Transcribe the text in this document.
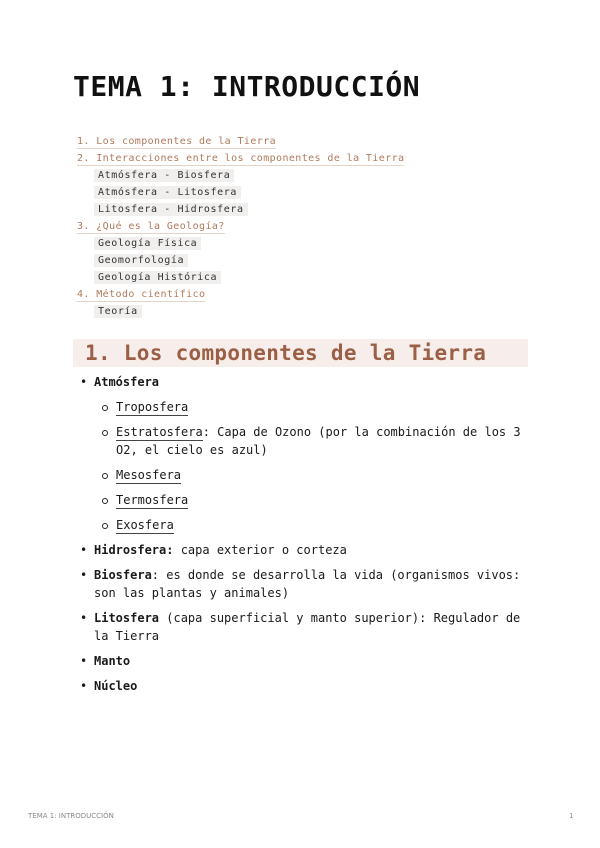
TEMA 1: INTRODUCCIÓN
1. Los componentes de la Tierra
2. Interacciones entre los componentes de la Tierra
Atmósfera - Biosfera
Atmósfera - Litosfera
Litosfera - Hidrosfera
3. ¿Qué es la Geología?
Geología Física
Geomorfología
Geología Histórica
4. Método científico
Teoría
1. Los componentes de la Tierra
• Atmósfera
Troposfera
Estratosfera: Capa de Ozono (por la combinación de los 3 O2, el cielo es azul)
Mesosfera
Termosfera
Exosfera
• Hidrosfera: capa exterior o corteza
• Biosfera: es donde se desarrolla la vida (organismos vivos: son las plantas y animales)
• Litosfera (capa superficial y manto superior): Regulador de la Tierra
• Manto
• Núcleo
TEMA 1: INTRODUCCIÓN	1
